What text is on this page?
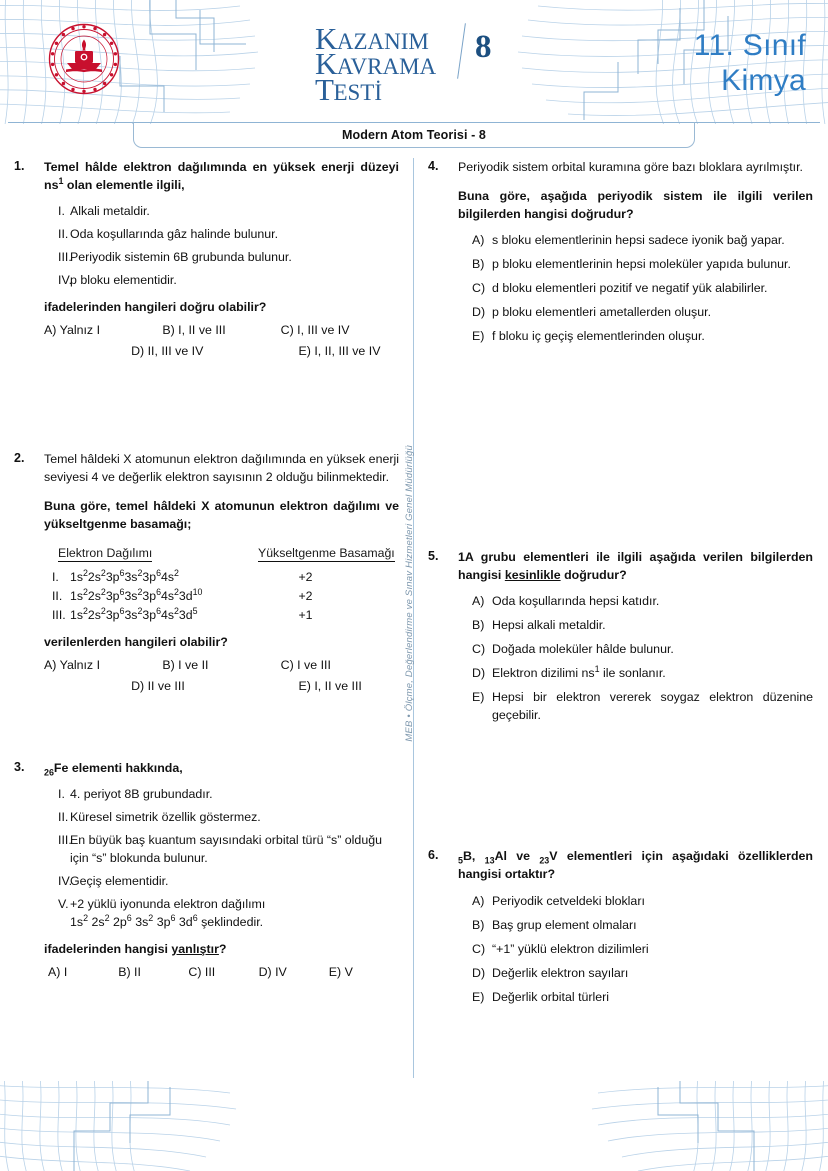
KAZANIM
KAVRAMA
TESTİ
8	11. Sınıf
Kimya
Modern Atom Teorisi - 8
MEB • Ölçme, Değerlendirme ve Sınav Hizmetleri Genel Müdürlüğü
1.	Temel hâlde elektron dağılımında en yüksek enerji düzeyi $ns^1$ olan elementle ilgili,
I. Alkali metaldir.
II. Oda koşullarında gâz halinde bulunur.
III.
Periyodik sistemin 6B grubunda bulunur.
IV.
p bloku elementidir.
ifadelerinden hangileri doğru olabilir?
A) Yalnız I	B) I, II ve III	C) I, III ve IV
D) II, III ve IV	E) I, II, III ve IV
2.	Temel hâldeki X atomunun elektron dağılımında en yüksek enerji seviyesi 4 ve değerlik elektron sayısının 2 olduğu bilinmektedir.
Buna göre, temel hâldeki X atomunun elektron dağılımı ve yükseltgenme basamağı;
Elektron Dağılımı	Yükseltgenme Basamağı
I. $1s^22s^23p^63s^23p^64s^2$	+2
II. $1s^22s^23p^63s^23p^64s^23d^{10}$	+2
III. $1s^22s^23p^63s^23p^64s^23d^5$	+1
verilenlerden hangileri olabilir?
A) Yalnız I	B) I ve II	C) I ve III
D) II ve III	E) I, II ve III
3.	$_{26}$Fe elementi hakkında,
I. 4. periyot 8B grubundadır.
II. Küresel simetrik özellik göstermez.
III.
En büyük baş kuantum sayısındaki orbital türü “s” olduğu için “s” blokunda bulunur.
IV.
Geçiş elementidir.
V. +2 yüklü iyonunda elektron dağılımı
$1s^2$ $2s^2$ $2p^6$ $3s^2$ $3p^6$ $3d^6$ şeklindedir.
ifadelerinden hangisi yanlıştır?
A) I	B) II	C) III	D) IV	E) V
4.	Periyodik sistem orbital kuramına göre bazı bloklara ayrılmıştır.
Buna göre, aşağıda periyodik sistem ile ilgili verilen bilgilerden hangisi doğrudur?
A) s bloku elementlerinin hepsi sadece iyonik bağ yapar.
B) p bloku elementlerinin hepsi moleküler yapıda bulunur.
C) d bloku elementleri pozitif ve negatif yük alabilirler.
D) p bloku elementleri ametallerden oluşur.
E) f bloku iç geçiş elementlerinden oluşur.
5.	1A grubu elementleri ile ilgili aşağıda verilen bilgilerden hangisi kesinlikle doğrudur?
A) Oda koşullarında hepsi katıdır.
B) Hepsi alkali metaldir.
C) Doğada moleküler hâlde bulunur.
D) Elektron dizilimi $ns^1$ ile sonlanır.
E) Hepsi bir elektron vererek soygaz elektron düzenine geçebilir.
6.	$_5$B, $_{13}$Al ve $_{23}$V elementleri için aşağıdaki özelliklerden hangisi ortaktır?
A) Periyodik cetveldeki blokları
B) Baş grup element olmaları
C) “+1” yüklü elektron dizilimleri
D) Değerlik elektron sayıları
E) Değerlik orbital türleri
